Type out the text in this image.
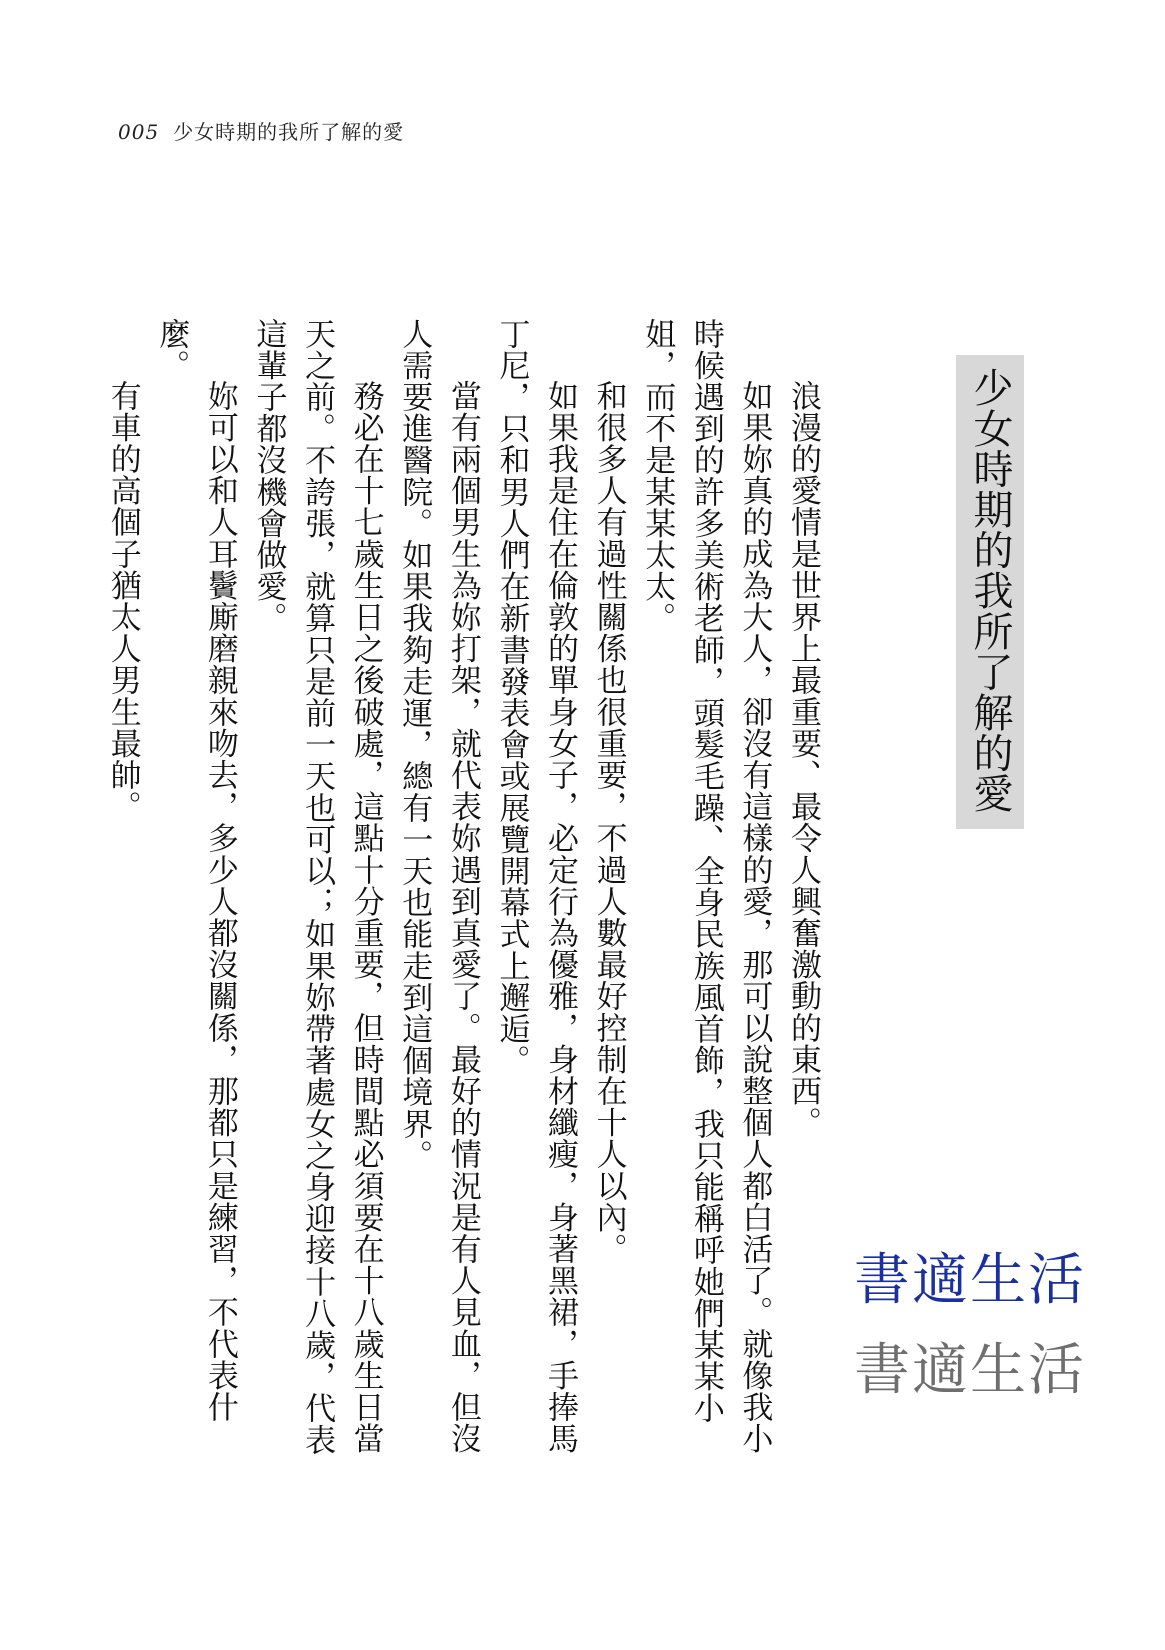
005 少女時期的我所了解的愛
少女時期的我所了解的愛

浪漫的愛情是世界上最重要、最令人興奮激動的東西。

如果妳真的成為大人，卻沒有這樣的愛，那可以說整個人都白活了。就像我小時候遇到的許多美術老師，頭髮毛躁、全身民族風首飾，我只能稱呼她們某某小姐，而不是某某太太。

和很多人有過性關係也很重要，不過人數最好控制在十人以內。

如果我是住在倫敦的單身女子，必定行為優雅，身材纖瘦，身著黑裙，手捧馬丁尼，只和男人們在新書發表會或展覽開幕式上邂逅。

當有兩個男生為妳打架，就代表妳遇到真愛了。最好的情況是有人見血，但沒人需要進醫院。如果我夠走運，總有一天也能走到這個境界。

務必在十七歲生日之後破處，這點十分重要，但時間點必須要在十八歲生日當天之前。不誇張，就算只是前一天也可以；如果妳帶著處女之身迎接十八歲，代表這輩子都沒機會做愛。

妳可以和人耳鬢廝磨親來吻去，多少人都沒關係，那都只是練習，不代表什麼。

有車的高個子猶太人男生最帥。

書適生活
書適生活
